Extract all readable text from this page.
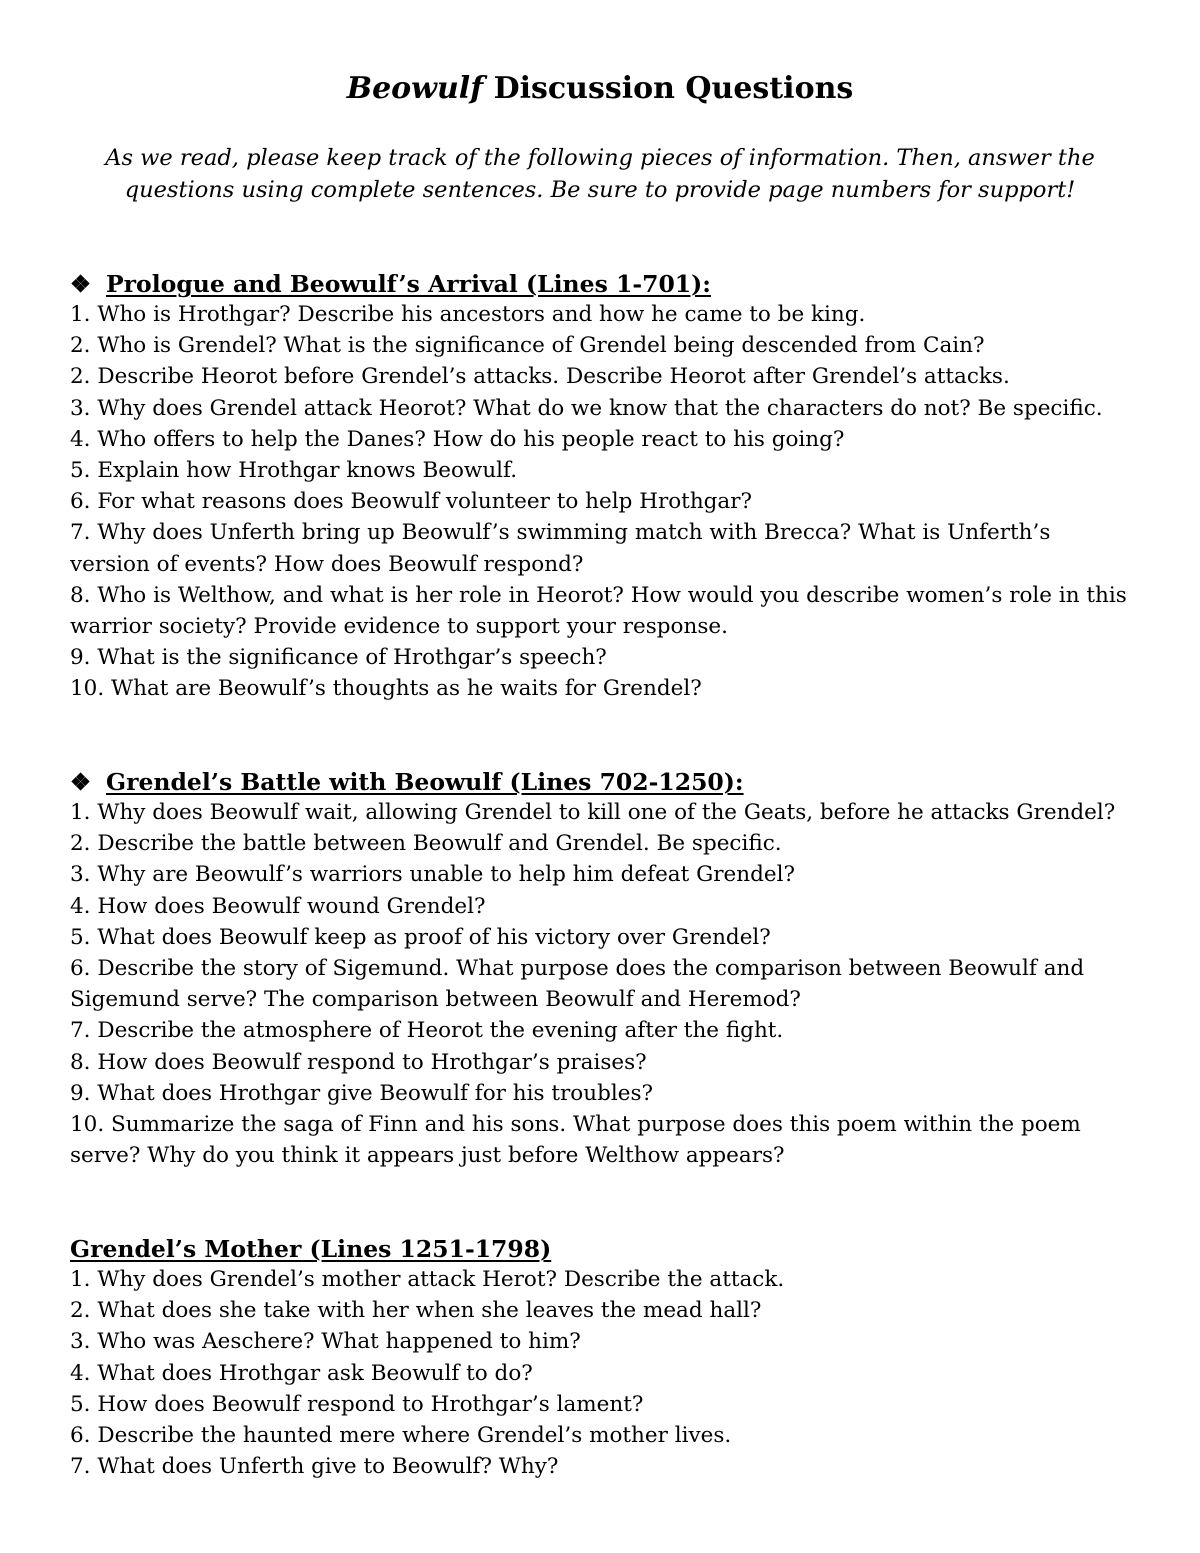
Beowulf Discussion Questions
As we read, please keep track of the following pieces of information. Then, answer the questions using complete sentences. Be sure to provide page numbers for support!
❖ Prologue and Beowulf’s Arrival (Lines 1-701):
1. Who is Hrothgar? Describe his ancestors and how he came to be king.
2. Who is Grendel? What is the significance of Grendel being descended from Cain?
2. Describe Heorot before Grendel’s attacks. Describe Heorot after Grendel’s attacks.
3. Why does Grendel attack Heorot? What do we know that the characters do not? Be specific.
4. Who offers to help the Danes? How do his people react to his going?
5. Explain how Hrothgar knows Beowulf.
6. For what reasons does Beowulf volunteer to help Hrothgar?
7. Why does Unferth bring up Beowulf’s swimming match with Brecca? What is Unferth’s version of events? How does Beowulf respond?
8. Who is Welthow, and what is her role in Heorot? How would you describe women’s role in this warrior society? Provide evidence to support your response.
9. What is the significance of Hrothgar’s speech?
10. What are Beowulf’s thoughts as he waits for Grendel?
❖ Grendel’s Battle with Beowulf (Lines 702-1250):
1. Why does Beowulf wait, allowing Grendel to kill one of the Geats, before he attacks Grendel?
2. Describe the battle between Beowulf and Grendel. Be specific.
3. Why are Beowulf’s warriors unable to help him defeat Grendel?
4. How does Beowulf wound Grendel?
5. What does Beowulf keep as proof of his victory over Grendel?
6. Describe the story of Sigemund. What purpose does the comparison between Beowulf and Sigemund serve? The comparison between Beowulf and Heremod?
7. Describe the atmosphere of Heorot the evening after the fight.
8. How does Beowulf respond to Hrothgar’s praises?
9. What does Hrothgar give Beowulf for his troubles?
10. Summarize the saga of Finn and his sons. What purpose does this poem within the poem serve? Why do you think it appears just before Welthow appears?
Grendel’s Mother (Lines 1251-1798)
1. Why does Grendel’s mother attack Herot? Describe the attack.
2. What does she take with her when she leaves the mead hall?
3. Who was Aeschere? What happened to him?
4. What does Hrothgar ask Beowulf to do?
5. How does Beowulf respond to Hrothgar’s lament?
6. Describe the haunted mere where Grendel’s mother lives.
7. What does Unferth give to Beowulf? Why?
